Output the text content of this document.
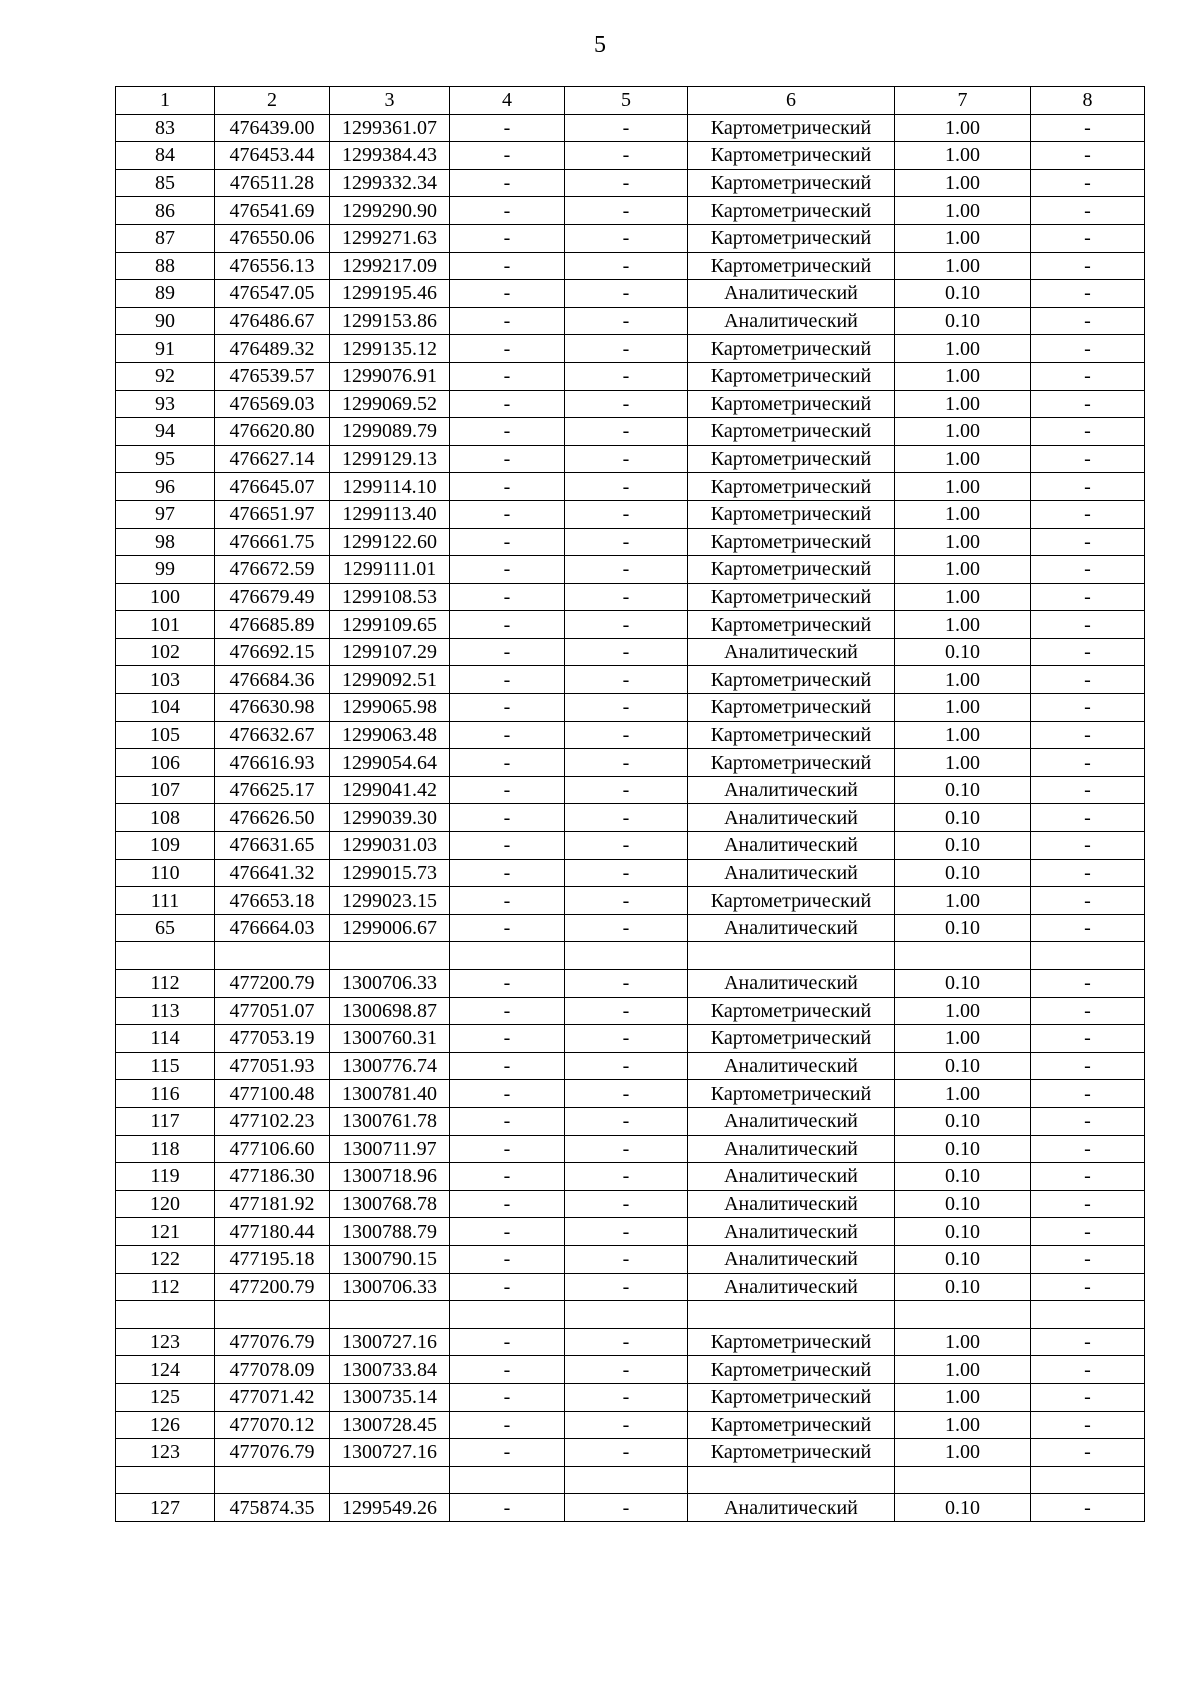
5
1	2	3	4	5	6	7	8
83	476439.00	1299361.07	-	-	Картометрический	1.00	-
84	476453.44	1299384.43	-	-	Картометрический	1.00	-
85	476511.28	1299332.34	-	-	Картометрический	1.00	-
86	476541.69	1299290.90	-	-	Картометрический	1.00	-
87	476550.06	1299271.63	-	-	Картометрический	1.00	-
88	476556.13	1299217.09	-	-	Картометрический	1.00	-
89	476547.05	1299195.46	-	-	Аналитический	0.10	-
90	476486.67	1299153.86	-	-	Аналитический	0.10	-
91	476489.32	1299135.12	-	-	Картометрический	1.00	-
92	476539.57	1299076.91	-	-	Картометрический	1.00	-
93	476569.03	1299069.52	-	-	Картометрический	1.00	-
94	476620.80	1299089.79	-	-	Картометрический	1.00	-
95	476627.14	1299129.13	-	-	Картометрический	1.00	-
96	476645.07	1299114.10	-	-	Картометрический	1.00	-
97	476651.97	1299113.40	-	-	Картометрический	1.00	-
98	476661.75	1299122.60	-	-	Картометрический	1.00	-
99	476672.59	1299111.01	-	-	Картометрический	1.00	-
100	476679.49	1299108.53	-	-	Картометрический	1.00	-
101	476685.89	1299109.65	-	-	Картометрический	1.00	-
102	476692.15	1299107.29	-	-	Аналитический	0.10	-
103	476684.36	1299092.51	-	-	Картометрический	1.00	-
104	476630.98	1299065.98	-	-	Картометрический	1.00	-
105	476632.67	1299063.48	-	-	Картометрический	1.00	-
106	476616.93	1299054.64	-	-	Картометрический	1.00	-
107	476625.17	1299041.42	-	-	Аналитический	0.10	-
108	476626.50	1299039.30	-	-	Аналитический	0.10	-
109	476631.65	1299031.03	-	-	Аналитический	0.10	-
110	476641.32	1299015.73	-	-	Аналитический	0.10	-
111	476653.18	1299023.15	-	-	Картометрический	1.00	-
65	476664.03	1299006.67	-	-	Аналитический	0.10	-

112	477200.79	1300706.33	-	-	Аналитический	0.10	-
113	477051.07	1300698.87	-	-	Картометрический	1.00	-
114	477053.19	1300760.31	-	-	Картометрический	1.00	-
115	477051.93	1300776.74	-	-	Аналитический	0.10	-
116	477100.48	1300781.40	-	-	Картометрический	1.00	-
117	477102.23	1300761.78	-	-	Аналитический	0.10	-
118	477106.60	1300711.97	-	-	Аналитический	0.10	-
119	477186.30	1300718.96	-	-	Аналитический	0.10	-
120	477181.92	1300768.78	-	-	Аналитический	0.10	-
121	477180.44	1300788.79	-	-	Аналитический	0.10	-
122	477195.18	1300790.15	-	-	Аналитический	0.10	-
112	477200.79	1300706.33	-	-	Аналитический	0.10	-

123	477076.79	1300727.16	-	-	Картометрический	1.00	-
124	477078.09	1300733.84	-	-	Картометрический	1.00	-
125	477071.42	1300735.14	-	-	Картометрический	1.00	-
126	477070.12	1300728.45	-	-	Картометрический	1.00	-
123	477076.79	1300727.16	-	-	Картометрический	1.00	-

127	475874.35	1299549.26	-	-	Аналитический	0.10	-
